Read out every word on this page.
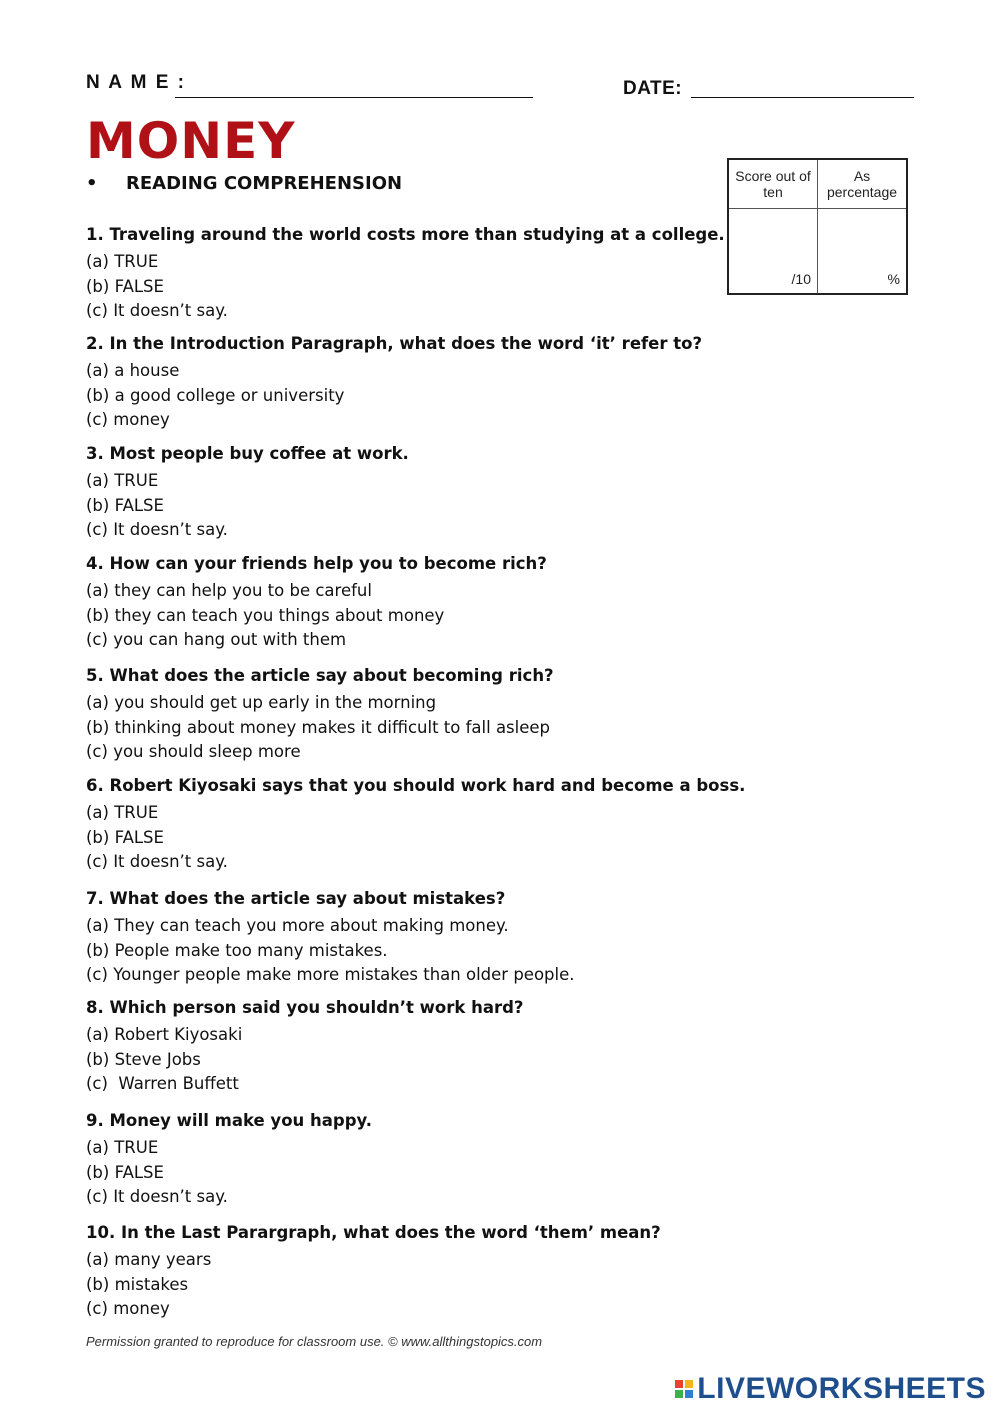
N A M E :	DATE:
MONEY
• READING COMPREHENSION	Score out of ten	As percentage
/10	%
1. Traveling around the world costs more than studying at a college.
(a) TRUE
(b) FALSE
(c) It doesn’t say.
2. In the Introduction Paragraph, what does the word ‘it’ refer to?
(a) a house
(b) a good college or university
(c) money
3. Most people buy coffee at work.
(a) TRUE
(b) FALSE
(c) It doesn’t say.
4. How can your friends help you to become rich?
(a) they can help you to be careful
(b) they can teach you things about money
(c) you can hang out with them
5. What does the article say about becoming rich?
(a) you should get up early in the morning
(b) thinking about money makes it difficult to fall asleep
(c) you should sleep more
6. Robert Kiyosaki says that you should work hard and become a boss.
(a) TRUE
(b) FALSE
(c) It doesn’t say.
7. What does the article say about mistakes?
(a) They can teach you more about making money.
(b) People make too many mistakes.
(c) Younger people make more mistakes than older people.
8. Which person said you shouldn’t work hard?
(a) Robert Kiyosaki
(b) Steve Jobs
(c)  Warren Buffett
9. Money will make you happy.
(a) TRUE
(b) FALSE
(c) It doesn’t say.
10. In the Last Parargraph, what does the word ‘them’ mean?
(a) many years
(b) mistakes
(c) money
Permission granted to reproduce for classroom use. © www.allthingstopics.com
LIVEWORKSHEETS
